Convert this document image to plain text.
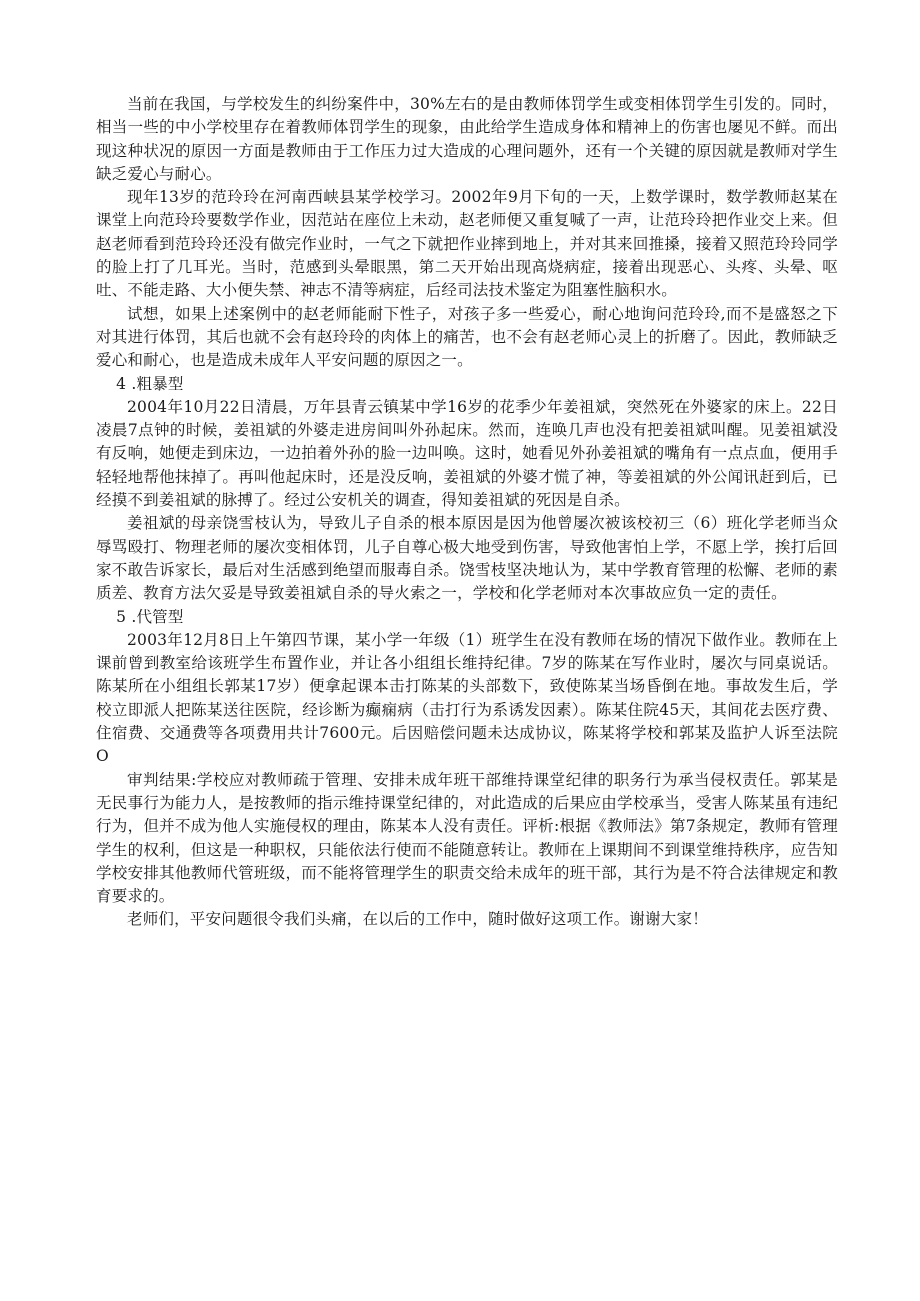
当前在我国，与学校发生的纠纷案件中，30%左右的是由教师体罚学生或变相体罚学生引发的。同时，相当一些的中小学校里存在着教师体罚学生的现象，由此给学生造成身体和精神上的伤害也屡见不鲜。而出现这种状况的原因一方面是教师由于工作压力过大造成的心理问题外，还有一个关键的原因就是教师对学生缺乏爱心与耐心。

现年13岁的范玲玲在河南西峡县某学校学习。2002年9月下旬的一天，上数学课时，数学教师赵某在课堂上向范玲玲要数学作业，因范站在座位上未动，赵老师便又重复喊了一声，让范玲玲把作业交上来。但赵老师看到范玲玲还没有做完作业时，一气之下就把作业摔到地上，并对其来回推搡，接着又照范玲玲同学的脸上打了几耳光。当时，范感到头晕眼黑，第二天开始出现高烧病症，接着出现恶心、头疼、头晕、呕吐、不能走路、大小便失禁、神志不清等病症，后经司法技术鉴定为阻塞性脑积水。

试想，如果上述案例中的赵老师能耐下性子，对孩子多一些爱心，耐心地询问范玲玲,而不是盛怒之下对其进行体罚，其后也就不会有赵玲玲的肉体上的痛苦，也不会有赵老师心灵上的折磨了。因此，教师缺乏爱心和耐心，也是造成未成年人平安问题的原因之一。

4 .粗暴型

2004年10月22日清晨，万年县青云镇某中学16岁的花季少年姜祖斌，突然死在外婆家的床上。22日凌晨7点钟的时候，姜祖斌的外婆走进房间叫外孙起床。然而，连唤几声也没有把姜祖斌叫醒。见姜祖斌没有反响，她便走到床边，一边拍着外孙的脸一边叫唤。这时，她看见外孙姜祖斌的嘴角有一点点血，便用手轻轻地帮他抹掉了。再叫他起床时，还是没反响，姜祖斌的外婆才慌了神，等姜祖斌的外公闻讯赶到后，已经摸不到姜祖斌的脉搏了。经过公安机关的调查，得知姜祖斌的死因是自杀。

姜祖斌的母亲饶雪枝认为，导致儿子自杀的根本原因是因为他曾屡次被该校初三（6）班化学老师当众辱骂殴打、物理老师的屡次变相体罚，儿子自尊心极大地受到伤害，导致他害怕上学，不愿上学，挨打后回家不敢告诉家长，最后对生活感到绝望而服毒自杀。饶雪枝坚决地认为，某中学教育管理的松懈、老师的素质差、教育方法欠妥是导致姜祖斌自杀的导火索之一，学校和化学老师对本次事故应负一定的责任。

5 .代管型

2003年12月8日上午第四节课，某小学一年级（1）班学生在没有教师在场的情况下做作业。教师在上课前曾到教室给该班学生布置作业，并让各小组组长维持纪律。7岁的陈某在写作业时，屡次与同桌说话。陈某所在小组组长郭某17岁）便拿起课本击打陈某的头部数下，致使陈某当场昏倒在地。事故发生后，学校立即派人把陈某送往医院，经诊断为癫痫病（击打行为系诱发因素）。陈某住院45天，其间花去医疗费、住宿费、交通费等各项费用共计7600元。后因赔偿问题未达成协议，陈某将学校和郭某及监护人诉至法院O

审判结果:学校应对教师疏于管理、安排未成年班干部维持课堂纪律的职务行为承当侵权责任。郭某是无民事行为能力人，是按教师的指示维持课堂纪律的，对此造成的后果应由学校承当，受害人陈某虽有违纪行为，但并不成为他人实施侵权的理由，陈某本人没有责任。评析:根据《教师法》第7条规定，教师有管理学生的权利，但这是一种职权，只能依法行使而不能随意转让。教师在上课期间不到课堂维持秩序，应告知学校安排其他教师代管班级，而不能将管理学生的职责交给未成年的班干部，其行为是不符合法律规定和教育要求的。

老师们，平安问题很令我们头痛，在以后的工作中，随时做好这项工作。谢谢大家！
